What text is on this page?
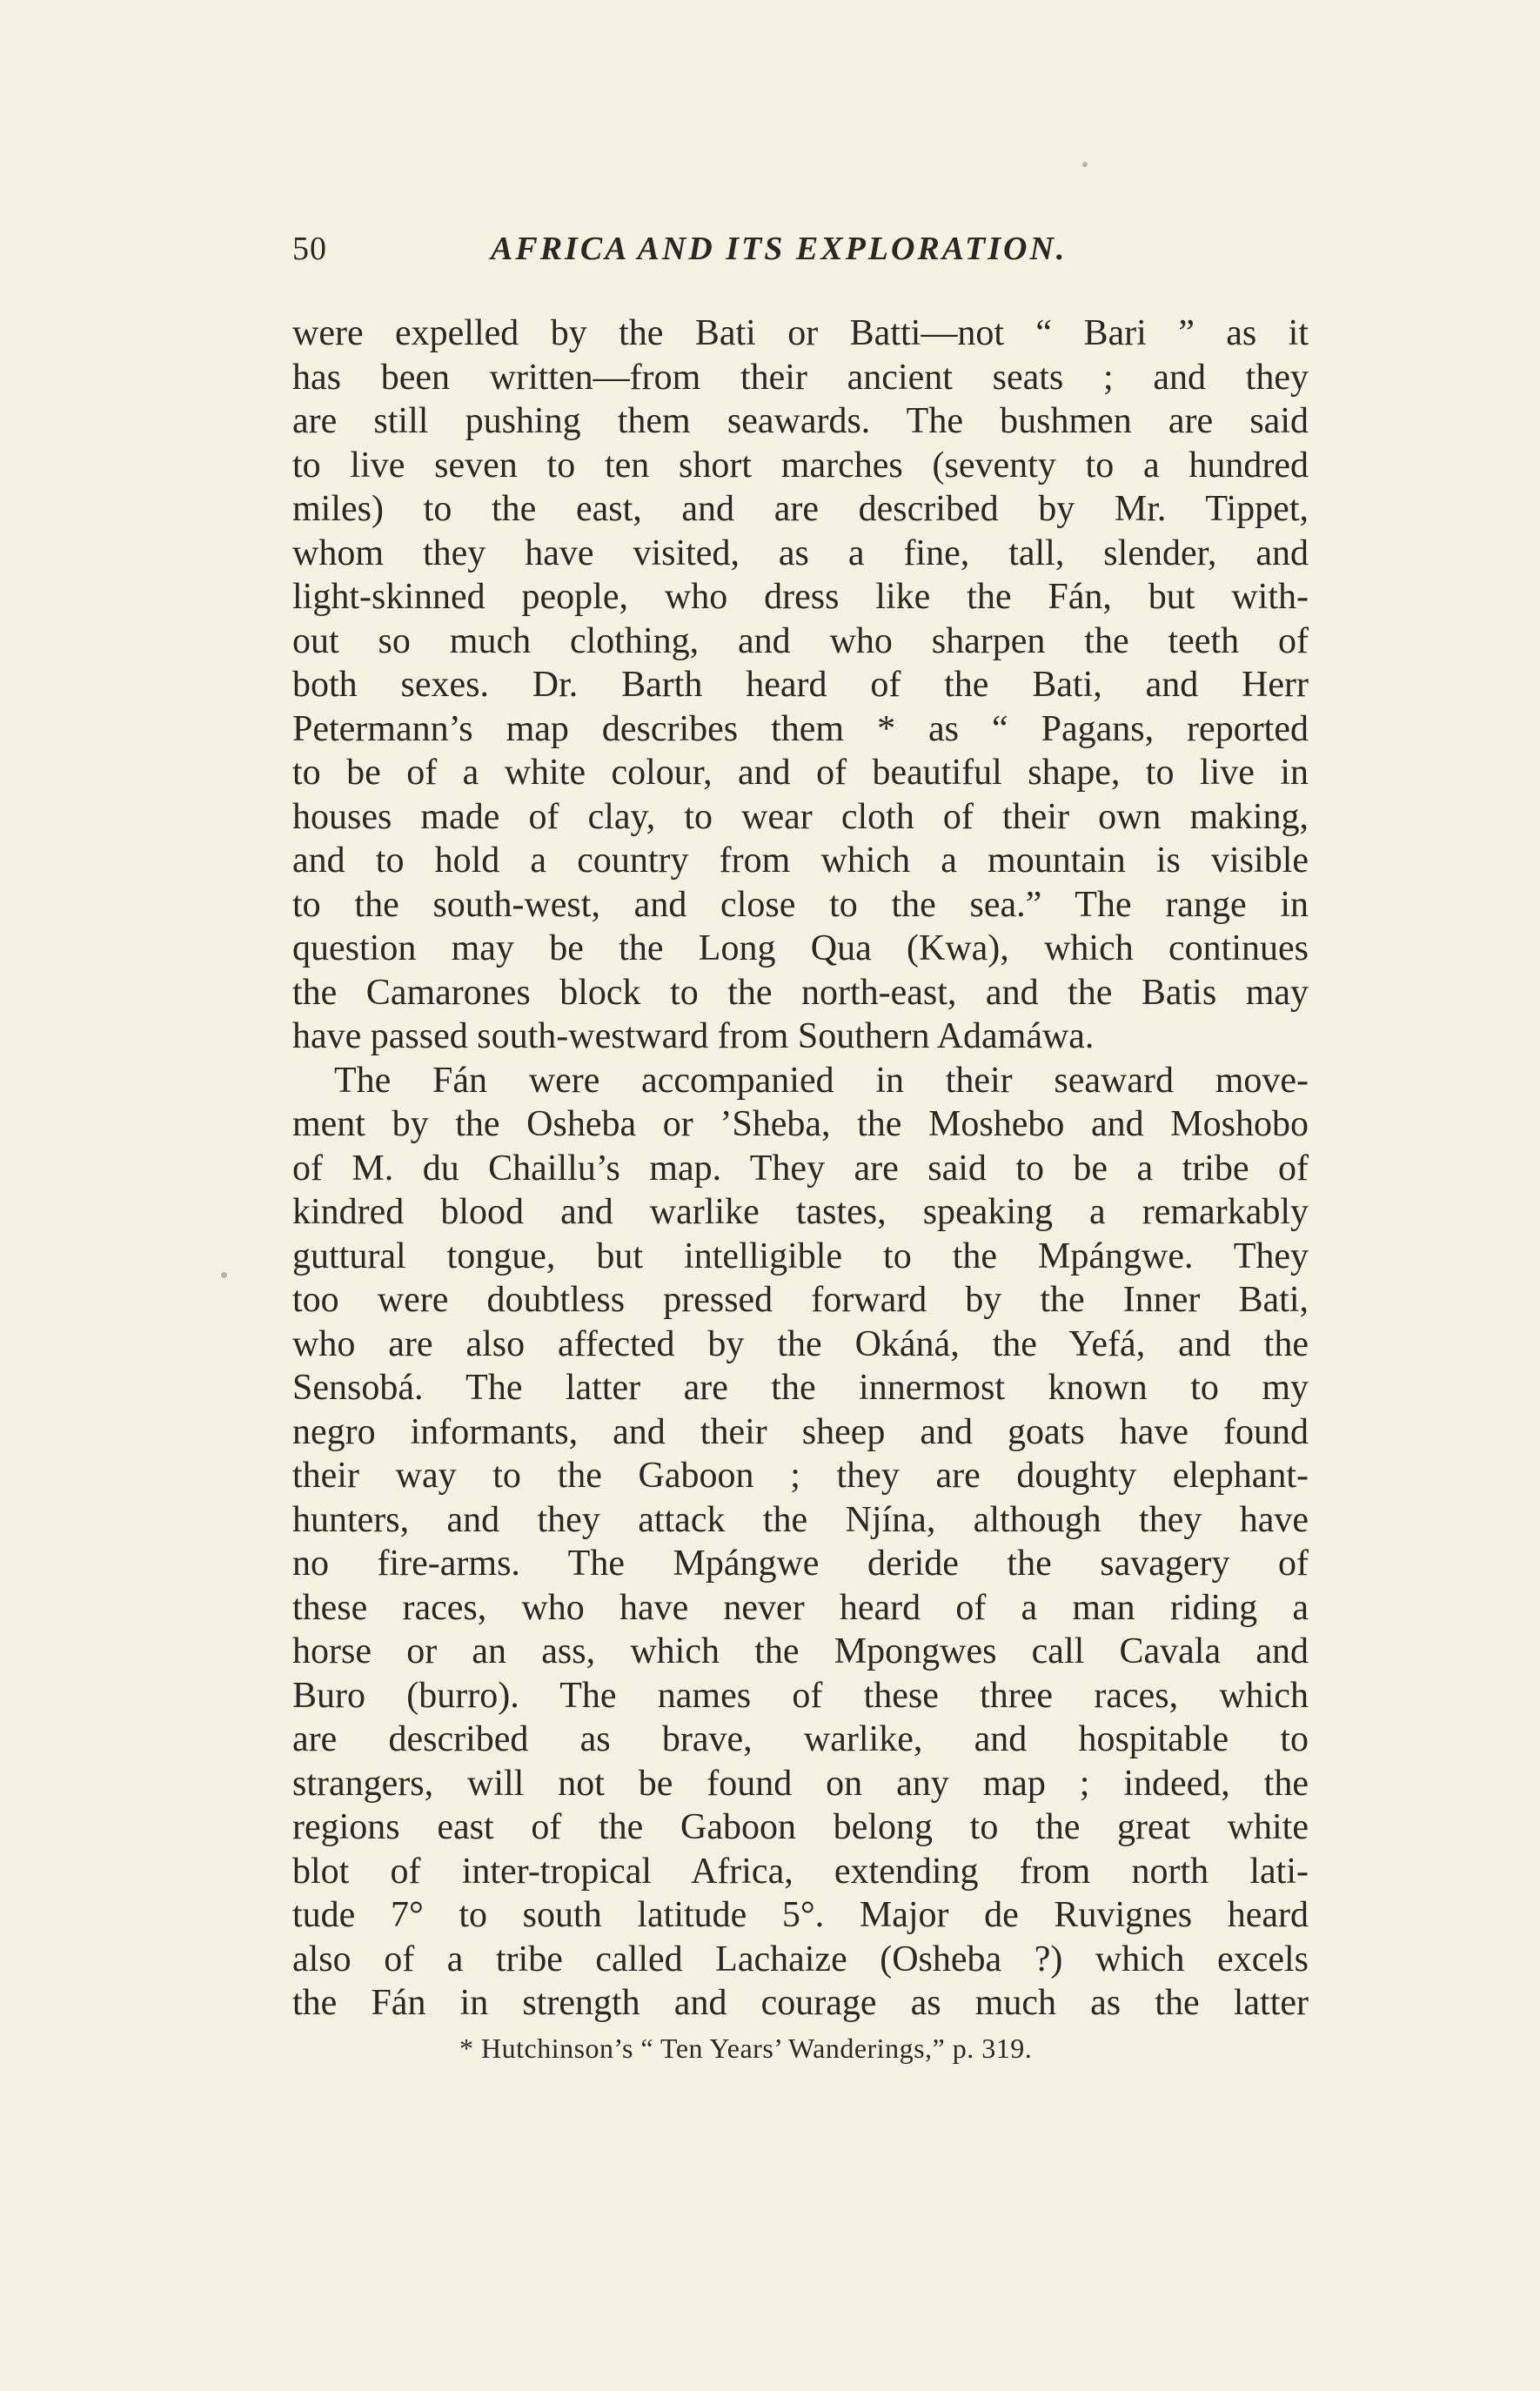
50	AFRICA AND ITS EXPLORATION.
were expelled by the Bati or Batti—not “ Bari ” as it
has been written—from their ancient seats ; and they
are still pushing them seawards. The bushmen are said
to live seven to ten short marches (seventy to a hundred
miles) to the east, and are described by Mr. Tippet,
whom they have visited, as a fine, tall, slender, and
light-skinned people, who dress like the Fán, but with-
out so much clothing, and who sharpen the teeth of
both sexes. Dr. Barth heard of the Bati, and Herr
Petermann’s map describes them * as “ Pagans, reported
to be of a white colour, and of beautiful shape, to live in
houses made of clay, to wear cloth of their own making,
and to hold a country from which a mountain is visible
to the south-west, and close to the sea.” The range in
question may be the Long Qua (Kwa), which continues
the Camarones block to the north-east, and the Batis may
have passed south-westward from Southern Adamáwa.
The Fán were accompanied in their seaward move-
ment by the Osheba or ’Sheba, the Moshebo and Moshobo
of M. du Chaillu’s map. They are said to be a tribe of
kindred blood and warlike tastes, speaking a remarkably
guttural tongue, but intelligible to the Mpángwe. They
too were doubtless pressed forward by the Inner Bati,
who are also affected by the Okáná, the Yefá, and the
Sensobá. The latter are the innermost known to my
negro informants, and their sheep and goats have found
their way to the Gaboon ; they are doughty elephant-
hunters, and they attack the Njína, although they have
no fire-arms. The Mpángwe deride the savagery of
these races, who have never heard of a man riding a
horse or an ass, which the Mpongwes call Cavala and
Buro (burro). The names of these three races, which
are described as brave, warlike, and hospitable to
strangers, will not be found on any map ; indeed, the
regions east of the Gaboon belong to the great white
blot of inter-tropical Africa, extending from north lati-
tude 7° to south latitude 5°. Major de Ruvignes heard
also of a tribe called Lachaize (Osheba ?) which excels
the Fán in strength and courage as much as the latter
* Hutchinson’s “ Ten Years’ Wanderings,” p. 319.
